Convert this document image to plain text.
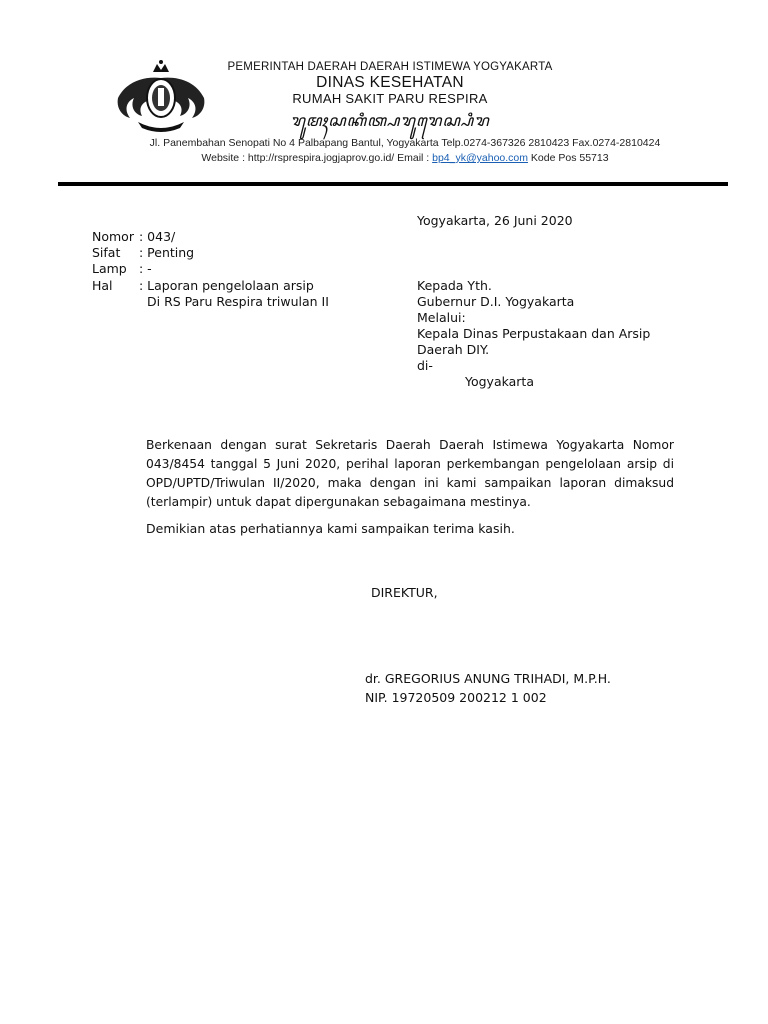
PEMERINTAH DAERAH DAERAH ISTIMEWA YOGYAKARTA
DINAS KESEHATAN
RUMAH SAKIT PARU RESPIRA
ꦫꦸꦩꦃꦱꦏꦶꦠ꧀ꦥꦫꦸꦫꦺꦱ꧀ꦥꦶꦫ
Jl. Panembahan Senopati No 4 Palbapang Bantul, Yogyakarta Telp.0274-367326 2810423 Fax.0274-2810424
Website : http://rsprespira.jogjaprov.go.id/ Email : bp4_yk@yahoo.com Kode Pos 55713
Yogyakarta, 26 Juni 2020
Nomor : 043/
Sifat : Penting
Lamp : -
Hal : Laporan pengelolaan arsip
Di RS Paru Respira triwulan II
Kepada Yth.
Gubernur D.I. Yogyakarta
Melalui:
Kepala Dinas Perpustakaan dan Arsip
Daerah DIY.
di-
Yogyakarta
Berkenaan dengan surat Sekretaris Daerah Daerah Istimewa Yogyakarta Nomor 043/8454 tanggal 5 Juni 2020, perihal laporan perkembangan pengelolaan arsip di OPD/UPTD/Triwulan II/2020, maka dengan ini kami sampaikan laporan dimaksud (terlampir) untuk dapat dipergunakan sebagaimana mestinya.
Demikian atas perhatiannya kami sampaikan terima kasih.
DIREKTUR,
dr. GREGORIUS ANUNG TRIHADI, M.P.H.
NIP. 19720509 200212 1 002
